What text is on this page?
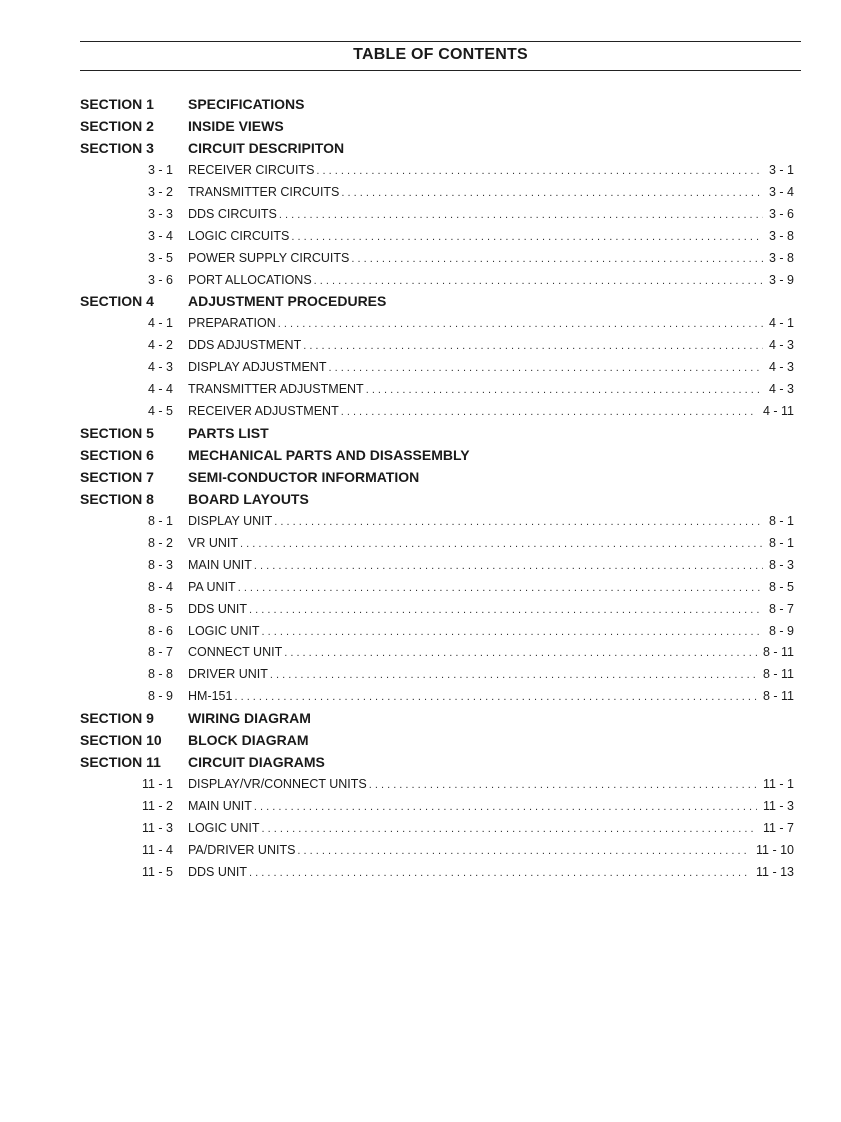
TABLE OF CONTENTS
SECTION 1 SPECIFICATIONS
SECTION 2 INSIDE VIEWS
SECTION 3 CIRCUIT DESCRIPITON
3 - 1 RECEIVER CIRCUITS . . .	3 - 1
3 - 2 TRANSMITTER CIRCUITS . . .	3 - 4
3 - 3 DDS CIRCUITS . . .	3 - 6
3 - 4 LOGIC CIRCUITS . . .	3 - 8
3 - 5 POWER SUPPLY CIRCUITS . . .	3 - 8
3 - 6 PORT ALLOCATIONS . . .	3 - 9
SECTION 4 ADJUSTMENT PROCEDURES
4 - 1 PREPARATION . . .	4 - 1
4 - 2 DDS ADJUSTMENT . . .	4 - 3
4 - 3 DISPLAY ADJUSTMENT . . .	4 - 3
4 - 4 TRANSMITTER ADJUSTMENT . . .	4 - 3
4 - 5 RECEIVER ADJUSTMENT . . .	4 - 11
SECTION 5 PARTS LIST
SECTION 6 MECHANICAL PARTS AND DISASSEMBLY
SECTION 7 SEMI-CONDUCTOR INFORMATION
SECTION 8 BOARD LAYOUTS
8 - 1 DISPLAY UNIT . . .	8 - 1
8 - 2 VR UNIT . . .	8 - 1
8 - 3 MAIN UNIT . . .	8 - 3
8 - 4 PA UNIT . . .	8 - 5
8 - 5 DDS UNIT . . .	8 - 7
8 - 6 LOGIC UNIT . . .	8 - 9
8 - 7 CONNECT UNIT . . .	8 - 11
8 - 8 DRIVER UNIT . . .	8 - 11
8 - 9 HM-151 . . .	8 - 11
SECTION 9 WIRING DIAGRAM
SECTION 10 BLOCK DIAGRAM
SECTION 11 CIRCUIT DIAGRAMS
11 - 1 DISPLAY/VR/CONNECT UNITS . . .	11 - 1
11 - 2 MAIN UNIT . . .	11 - 3
11 - 3 LOGIC UNIT . . .	11 - 7
11 - 4 PA/DRIVER UNITS . . .	11 - 10
11 - 5 DDS UNIT . . .	11 - 13
